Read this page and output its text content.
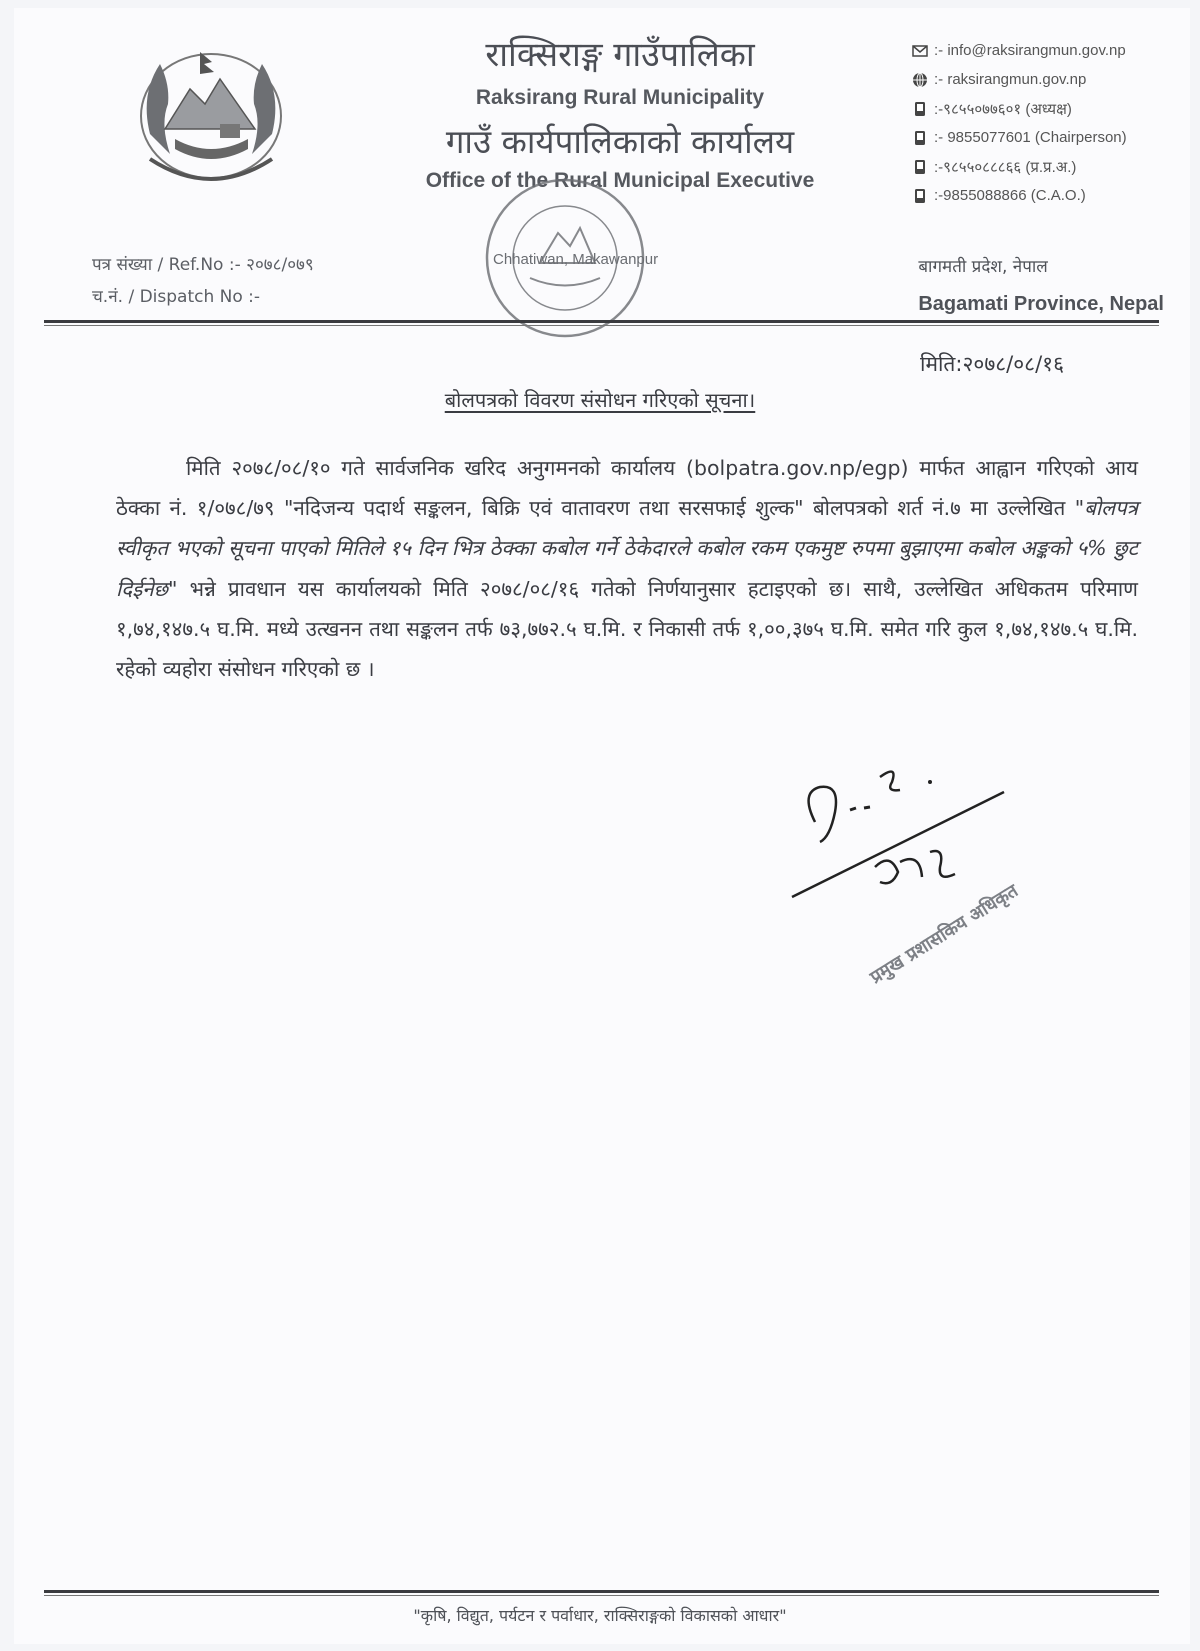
राक्सिराङ्ग गाउँपालिका
Raksirang Rural Municipality
गाउँ कार्यपालिकाको कार्यालय
Office of the Rural Municipal Executive
:- info@raksirangmun.gov.np
:- raksirangmun.gov.np
:-९८५५०७७६०१ (अध्यक्ष)
:- 9855077601 (Chairperson)
:-९८५५०८८८६६ (प्र.प्र.अ.)
:-9855088866 (C.A.O.)
पत्र संख्या / Ref.No :- २०७८/०७९
च.नं. / Dispatch No :-
Chhatiwan, Makawanpur	बागमती प्रदेश, नेपाल
Bagamati Province, Nepal
मिति:२०७८/०८/१६
बोलपत्रको विवरण संसोधन गरिएको सूचना।
मिति २०७८/०८/१० गते सार्वजनिक खरिद अनुगमनको कार्यालय (bolpatra.gov.np/egp) मार्फत आह्वान गरिएको आय ठेक्का नं. १/०७८/७९ "नदिजन्य पदार्थ सङ्कलन, बिक्रि एवं वातावरण तथा सरसफाई शुल्क" बोलपत्रको शर्त नं.७ मा उल्लेखित "बोलपत्र स्वीकृत भएको सूचना पाएको मितिले १५ दिन भित्र ठेक्का कबोल गर्ने ठेकेदारले कबोल रकम एकमुष्ट रुपमा बुझाएमा कबोल अङ्कको ५% छुट दिईनेछ" भन्ने प्रावधान यस कार्यालयको मिति २०७८/०८/१६ गतेको निर्णयानुसार हटाइएको छ। साथै, उल्लेखित अधिकतम परिमाण १,७४,१४७.५ घ.मि. मध्ये उत्खनन तथा सङ्कलन तर्फ ७३,७७२.५ घ.मि. र निकासी तर्फ १,००,३७५ घ.मि. समेत गरि कुल १,७४,१४७.५ घ.मि. रहेको व्यहोरा संसोधन गरिएको छ ।
प्रमुख प्रशासकिय अधिकृत
"कृषि, विद्युत, पर्यटन र पर्वाधार, राक्सिराङ्गको विकासको आधार"
